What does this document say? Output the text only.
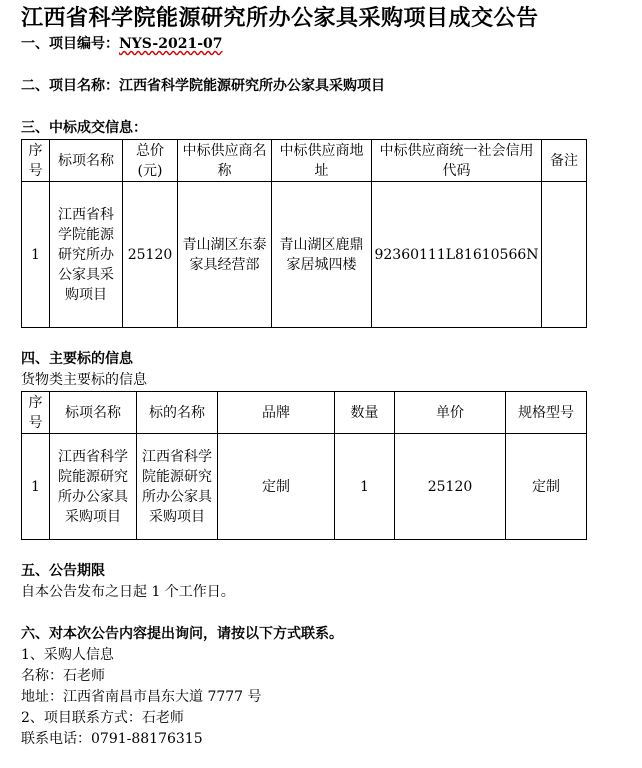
江西省科学院能源研究所办公家具采购项目成交公告

一、项目编号：NYS-2021-07

二、项目名称：江西省科学院能源研究所办公家具采购项目

三、中标成交信息：

序号	标项名称	总价(元)	中标供应商名称	中标供应商地址	中标供应商统一社会信用代码	备注
1	江西省科学院能源研究所办公家具采购项目	25120	青山湖区东泰家具经营部	青山湖区鹿鼎家居城四楼	92360111L81610566N	

四、主要标的信息

货物类主要标的信息

序号	标项名称	标的名称	品牌	数量	单价	规格型号
1	江西省科学院能源研究所办公家具采购项目	江西省科学院能源研究所办公家具采购项目	定制	1	25120	定制

五、公告期限

自本公告发布之日起 1 个工作日。

六、对本次公告内容提出询问，请按以下方式联系。

1、采购人信息

名称：石老师

地址：江西省南昌市昌东大道 7777 号

2、项目联系方式：石老师

联系电话：0791-88176315
